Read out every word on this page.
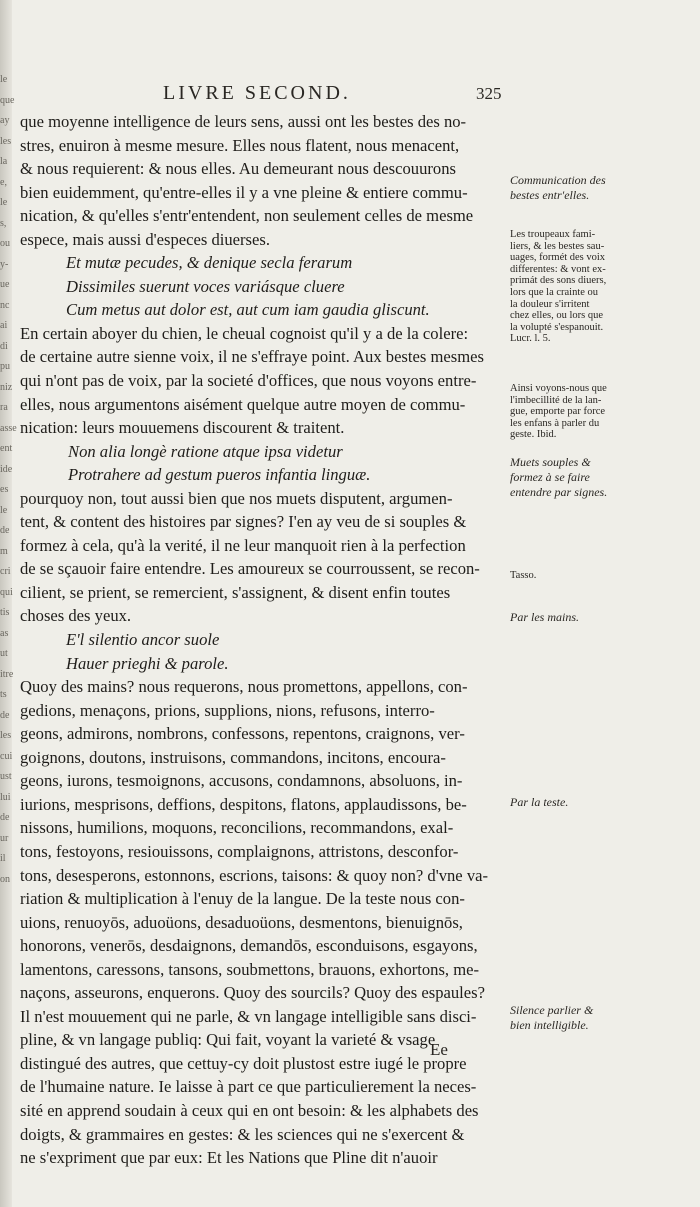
le
que
ay
les
la
e,
le
s,
ou
y-
ue
nc
ai
di
pu
niz
ra
asse
ent
ide
es
le
de
m
cri
qui
tis
as
ut
itre
ts
de
les
cui
ust
lui
de
ur
il
on
LIVRE SECOND.	325
que moyenne intelligence de leurs sens, aussi ont les bestes des no-
stres, enuiron à mesme mesure. Elles nous flatent, nous menacent,
& nous requierent: & nous elles. Au demeurant nous descouurons
bien euidemment, qu'entre-elles il y a vne pleine & entiere commu-
nication, & qu'elles s'entr'entendent, non seulement celles de mesme
espece, mais aussi d'especes diuerses.
Et mutæ pecudes, & denique secla ferarum
Dissimiles suerunt voces variásque cluere
Cum metus aut dolor est, aut cum iam gaudia gliscunt.
En certain aboyer du chien, le cheual cognoist qu'il y a de la colere:
de certaine autre sienne voix, il ne s'effraye point. Aux bestes mesmes
qui n'ont pas de voix, par la societé d'offices, que nous voyons entre-
elles, nous argumentons aisément quelque autre moyen de commu-
nication: leurs mouuemens discourent & traitent.
Non alia longè ratione atque ipsa videtur
Protrahere ad gestum pueros infantia linguæ.
pourquoy non, tout aussi bien que nos muets disputent, argumen-
tent, & content des histoires par signes? I'en ay veu de si souples &
formez à cela, qu'à la verité, il ne leur manquoit rien à la perfection
de se sçauoir faire entendre. Les amoureux se courroussent, se recon-
cilient, se prient, se remercient, s'assignent, & disent enfin toutes
choses des yeux.
E'l silentio ancor suole
Hauer prieghi & parole.
Quoy des mains? nous requerons, nous promettons, appellons, con-
gedions, menaçons, prions, supplions, nions, refusons, interro-
geons, admirons, nombrons, confessons, repentons, craignons, ver-
goignons, doutons, instruisons, commandons, incitons, encoura-
geons, iurons, tesmoignons, accusons, condamnons, absoluons, in-
iurions, mesprisons, deffions, despitons, flatons, applaudissons, be-
nissons, humilions, moquons, reconcilions, recommandons, exal-
tons, festoyons, resiouissons, complaignons, attristons, desconfor-
tons, desesperons, estonnons, escrions, taisons: & quoy non? d'vne va-
riation & multiplication à l'enuy de la langue. De la teste nous con-
uions, renuoyōs, aduoüons, desaduoüons, desmentons, bienuignōs,
honorons, venerōs, desdaignons, demandōs, esconduisons, esgayons,
lamentons, caressons, tansons, soubmettons, brauons, exhortons, me-
naçons, asseurons, enquerons. Quoy des sourcils? Quoy des espaules?
Il n'est mouuement qui ne parle, & vn langage intelligible sans disci-
pline, & vn langage publiq: Qui fait, voyant la varieté & vsage
distingué des autres, que cettuy-cy doit plustost estre iugé le propre
de l'humaine nature. Ie laisse à part ce que particulierement la neces-
sité en apprend soudain à ceux qui en ont besoin: & les alphabets des
doigts, & grammaires en gestes: & les sciences qui ne s'exercent &
ne s'expriment que par eux: Et les Nations que Pline dit n'auoir
Communication des
bestes entr'elles.
Les troupeaux fami-
liers, & les bestes sau-
uages, formét des voix
differentes: & vont ex-
primát des sons diuers,
lors que la crainte ou
la douleur s'irritent
chez elles, ou lors que
la volupté s'espanouit.
Lucr. l. 5.
Ainsi voyons-nous que
l'imbecillité de la lan-
gue, emporte par force
les enfans à parler du
geste. Ibid.
Muets souples &
formez à se faire
entendre par signes.
Tasso.
Par les mains.
Par la teste.
Silence parlier &
bien intelligible.
Ee
